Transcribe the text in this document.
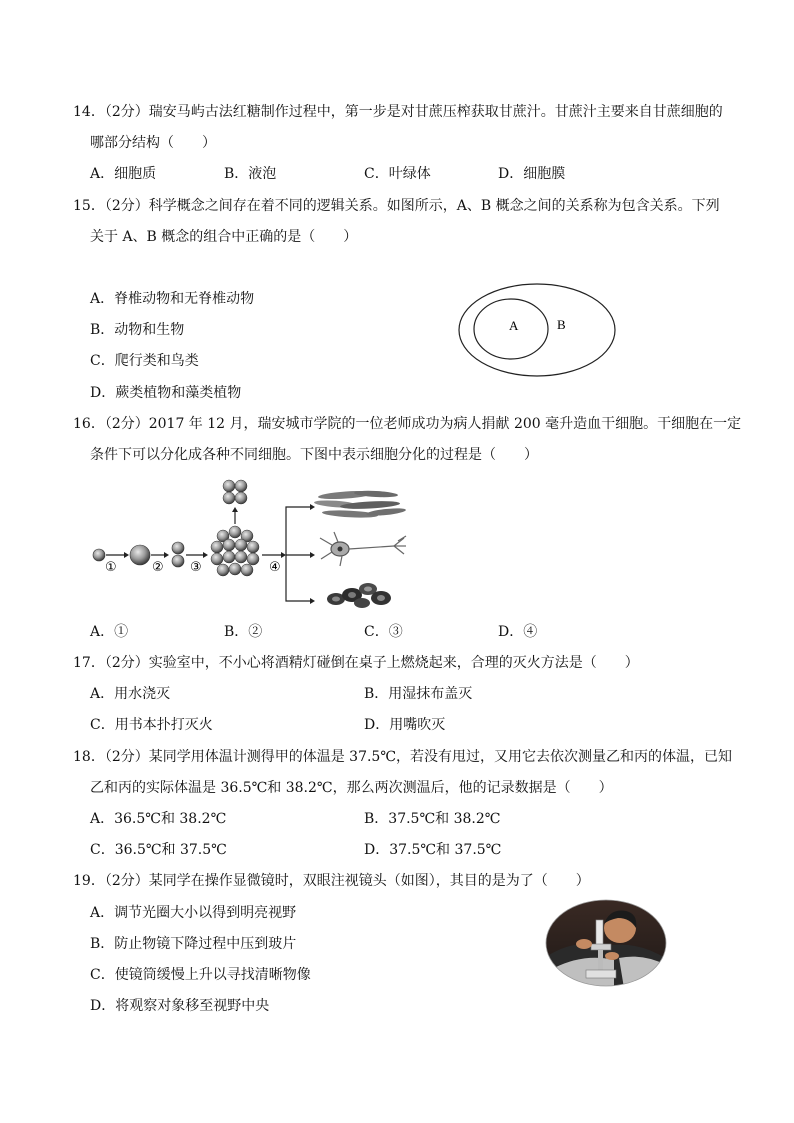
14．（2分）瑞安马屿古法红糖制作过程中，第一步是对甘蔗压榨获取甘蔗汁。甘蔗汁主要来自甘蔗细胞的
哪部分结构（　　）
A．细胞质	B．液泡	C．叶绿体	D．细胞膜
15．（2分）科学概念之间存在着不同的逻辑关系。如图所示，A、B 概念之间的关系称为包含关系。下列
关于 A、B 概念的组合中正确的是（　　）
A．脊椎动物和无脊椎动物
B．动物和生物
C．爬行类和鸟类
D．蕨类植物和藻类植物
A	B
16．（2分）2017 年 12 月，瑞安城市学院的一位老师成功为病人捐献 200 毫升造血干细胞。干细胞在一定
条件下可以分化成各种不同细胞。下图中表示细胞分化的过程是（　　）
①	② ③	④
A．①	B．②	C．③	D．④
17．（2分）实验室中，不小心将酒精灯碰倒在桌子上燃烧起来，合理的灭火方法是（　　）
A．用水浇灭	B．用湿抹布盖灭
C．用书本扑打灭火	D．用嘴吹灭
18．（2分）某同学用体温计测得甲的体温是 37.5℃，若没有甩过，又用它去依次测量乙和丙的体温，已知
乙和丙的实际体温是 36.5℃和 38.2℃，那么两次测温后，他的记录数据是（　　）
A．36.5℃和 38.2℃	B．37.5℃和 38.2℃
C．36.5℃和 37.5℃	D．37.5℃和 37.5℃
19．（2分）某同学在操作显微镜时，双眼注视镜头（如图），其目的是为了（　　）
A．调节光圈大小以得到明亮视野
B．防止物镜下降过程中压到玻片
C．使镜筒缓慢上升以寻找清晰物像
D．将观察对象移至视野中央
